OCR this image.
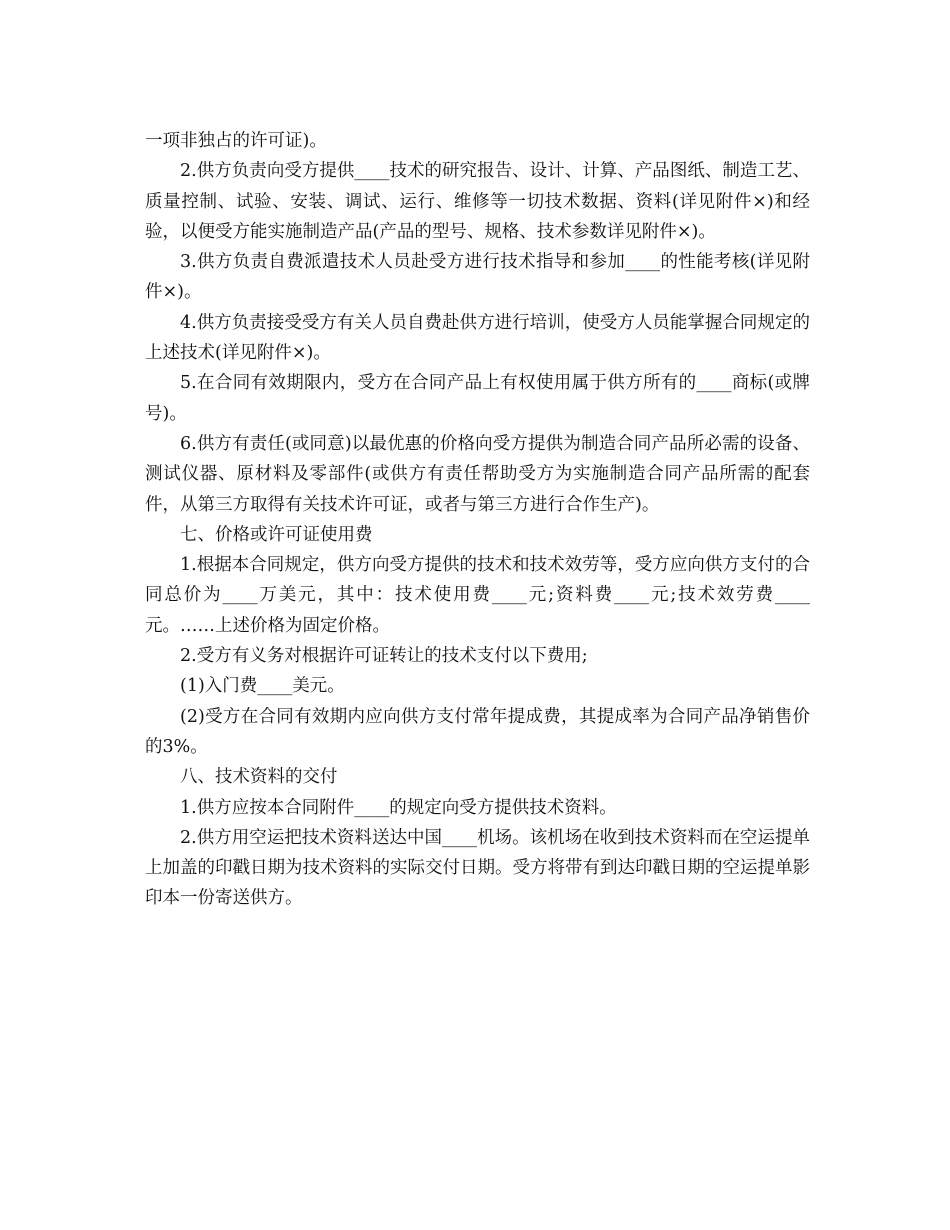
一项非独占的许可证)。

2.供方负责向受方提供____技术的研究报告、设计、计算、产品图纸、制造工艺、质量控制、试验、安装、调试、运行、维修等一切技术数据、资料(详见附件×)和经验，以便受方能实施制造产品(产品的型号、规格、技术参数详见附件×)。

3.供方负责自费派遣技术人员赴受方进行技术指导和参加____的性能考核(详见附件×)。

4.供方负责接受受方有关人员自费赴供方进行培训，使受方人员能掌握合同规定的上述技术(详见附件×)。

5.在合同有效期限内，受方在合同产品上有权使用属于供方所有的____商标(或牌号)。

6.供方有责任(或同意)以最优惠的价格向受方提供为制造合同产品所必需的设备、测试仪器、原材料及零部件(或供方有责任帮助受方为实施制造合同产品所需的配套件，从第三方取得有关技术许可证，或者与第三方进行合作生产)。

七、价格或许可证使用费

1.根据本合同规定，供方向受方提供的技术和技术效劳等，受方应向供方支付的合同总价为____万美元，其中：技术使用费____元;资料费____元;技术效劳费____元。……上述价格为固定价格。

2.受方有义务对根据许可证转让的技术支付以下费用;

(1)入门费____美元。

(2)受方在合同有效期内应向供方支付常年提成费，其提成率为合同产品净销售价的3%。

八、技术资料的交付

1.供方应按本合同附件____的规定向受方提供技术资料。

2.供方用空运把技术资料送达中国____机场。该机场在收到技术资料而在空运提单上加盖的印戳日期为技术资料的实际交付日期。受方将带有到达印戳日期的空运提单影印本一份寄送供方。
